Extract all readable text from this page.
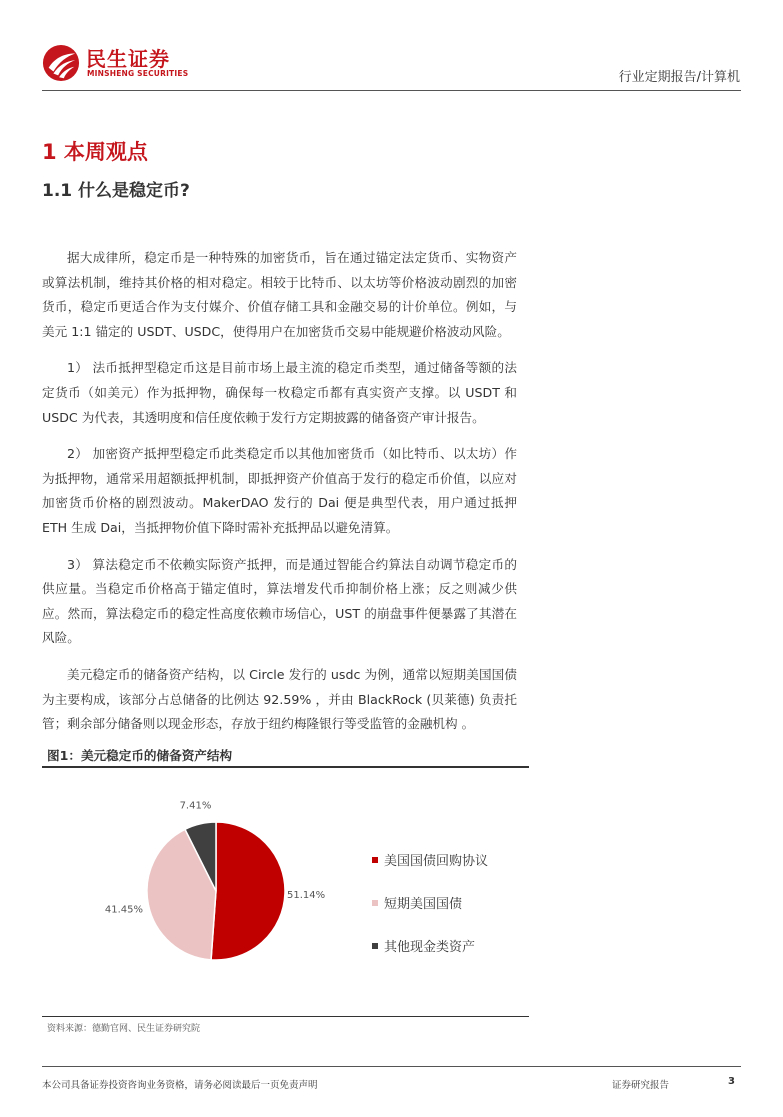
民生证券
MINSHENG SECURITIES	行业定期报告/计算机
1 本周观点
1.1 什么是稳定币?

据大成律所，稳定币是一种特殊的加密货币，旨在通过锚定法定货币、实物资产或算法机制，维持其价格的相对稳定。相较于比特币、以太坊等价格波动剧烈的加密货币，稳定币更适合作为支付媒介、价值存储工具和金融交易的计价单位。例如，与美元 1:1 锚定的 USDT、USDC，使得用户在加密货币交易中能规避价格波动风险。

1） 法币抵押型稳定币这是目前市场上最主流的稳定币类型，通过储备等额的法定货币（如美元）作为抵押物，确保每一枚稳定币都有真实资产支撑。以 USDT 和 USDC 为代表，其透明度和信任度依赖于发行方定期披露的储备资产审计报告。

2） 加密资产抵押型稳定币此类稳定币以其他加密货币（如比特币、以太坊）作为抵押物，通常采用超额抵押机制，即抵押资产价值高于发行的稳定币价值，以应对加密货币价格的剧烈波动。MakerDAO 发行的 Dai 便是典型代表，用户通过抵押 ETH 生成 Dai，当抵押物价值下降时需补充抵押品以避免清算。

3） 算法稳定币不依赖实际资产抵押，而是通过智能合约算法自动调节稳定币的供应量。当稳定币价格高于锚定值时，算法增发代币抑制价格上涨；反之则减少供应。然而，算法稳定币的稳定性高度依赖市场信心，UST 的崩盘事件便暴露了其潜在风险。

美元稳定币的储备资产结构，以 Circle 发行的 usdc 为例，通常以短期美国国债为主要构成，该部分占总储备的比例达 92.59% ，并由 BlackRock (贝莱德) 负责托管；剩余部分储备则以现金形态，存放于纽约梅隆银行等受监管的金融机构 。

图1：美元稳定币的储备资产结构
51.14%
41.45%
7.41%
美国国债回购协议
短期美国国债
其他现金类资产
资料来源：德勤官网、民生证券研究院
本公司具备证券投资咨询业务资格，请务必阅读最后一页免责声明	证券研究报告	3
